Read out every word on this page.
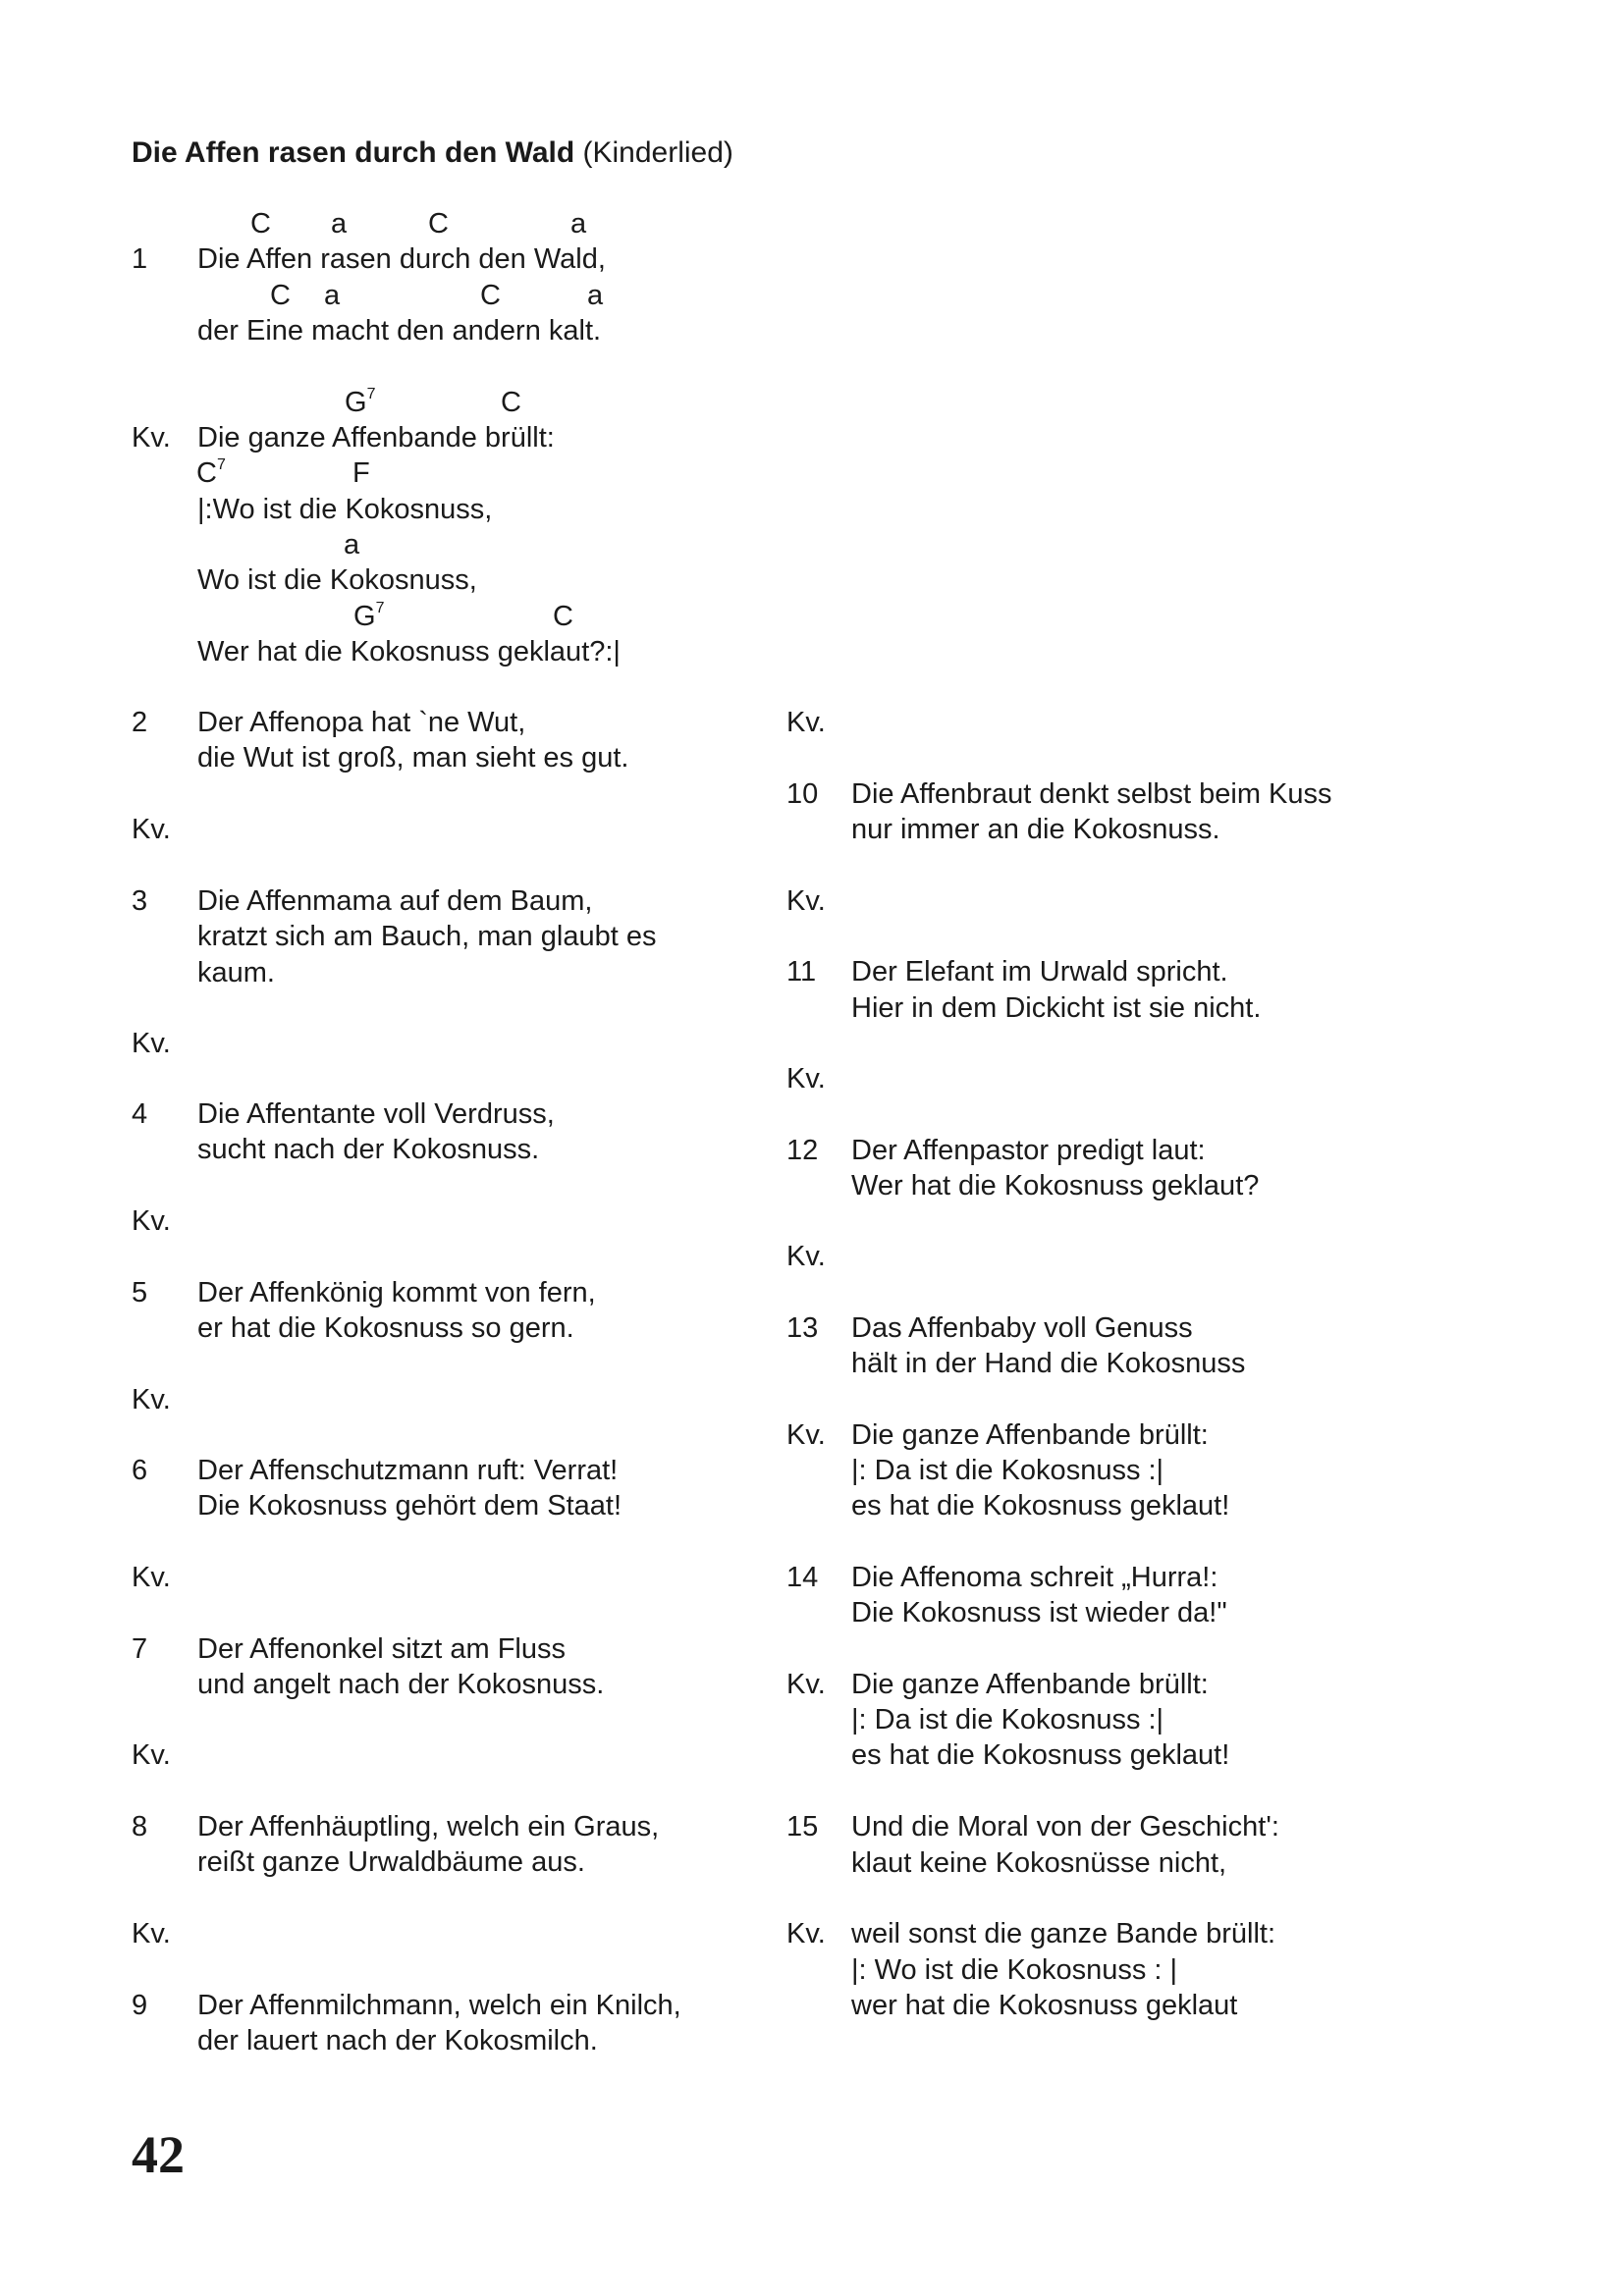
Die Affen rasen durch den Wald (Kinderlied)
C a	C	a
1 Die Affen rasen durch den Wald,
C a	C	a
der Eine macht den andern kalt.
$G^7$	C
Kv. Die ganze Affenbande brüllt:
$C^7$	F
|:Wo ist die Kokosnuss,
a
Wo ist die Kokosnuss,
$G^7$	C
Wer hat die Kokosnuss geklaut?:|
Kv.
10 Die Affenbraut denkt selbst beim Kuss
nur immer an die Kokosnuss.
Kv.
11 Der Elefant im Urwald spricht.
Hier in dem Dickicht ist sie nicht.
Kv.
12 Der Affenpastor predigt laut:
Wer hat die Kokosnuss geklaut?
Kv.
13 Das Affenbaby voll Genuss
hält in der Hand die Kokosnuss
Kv. Die ganze Affenbande brüllt:
|: Da ist die Kokosnuss :|
es hat die Kokosnuss geklaut!
14 Die Affenoma schreit „Hurra!:
Die Kokosnuss ist wieder da!"
Kv. Die ganze Affenbande brüllt:
|: Da ist die Kokosnuss :|
es hat die Kokosnuss geklaut!
15 Und die Moral von der Geschicht':
klaut keine Kokosnüsse nicht,
Kv. weil sonst die ganze Bande brüllt:
|: Wo ist die Kokosnuss : |
wer hat die Kokosnuss geklaut
42
2 Der Affenopa hat `ne Wut,
die Wut ist groß, man sieht es gut.
3 Die Affenmama auf dem Baum,
kratzt sich am Bauch, man glaubt es
kaum.
4 Die Affentante voll Verdruss,
sucht nach der Kokosnuss.
5 Der Affenkönig kommt von fern,
er hat die Kokosnuss so gern.
6 Der Affenschutzmann ruft: Verrat!
Die Kokosnuss gehört dem Staat!
7 Der Affenonkel sitzt am Fluss
und angelt nach der Kokosnuss.
8 Der Affenhäuptling, welch ein Graus,
reißt ganze Urwaldbäume aus.
9 Der Affenmilchmann, welch ein Knilch,
der lauert nach der Kokosmilch.
Kv.
Kv.
Kv.
Kv.
Kv.
Kv.
Kv.
